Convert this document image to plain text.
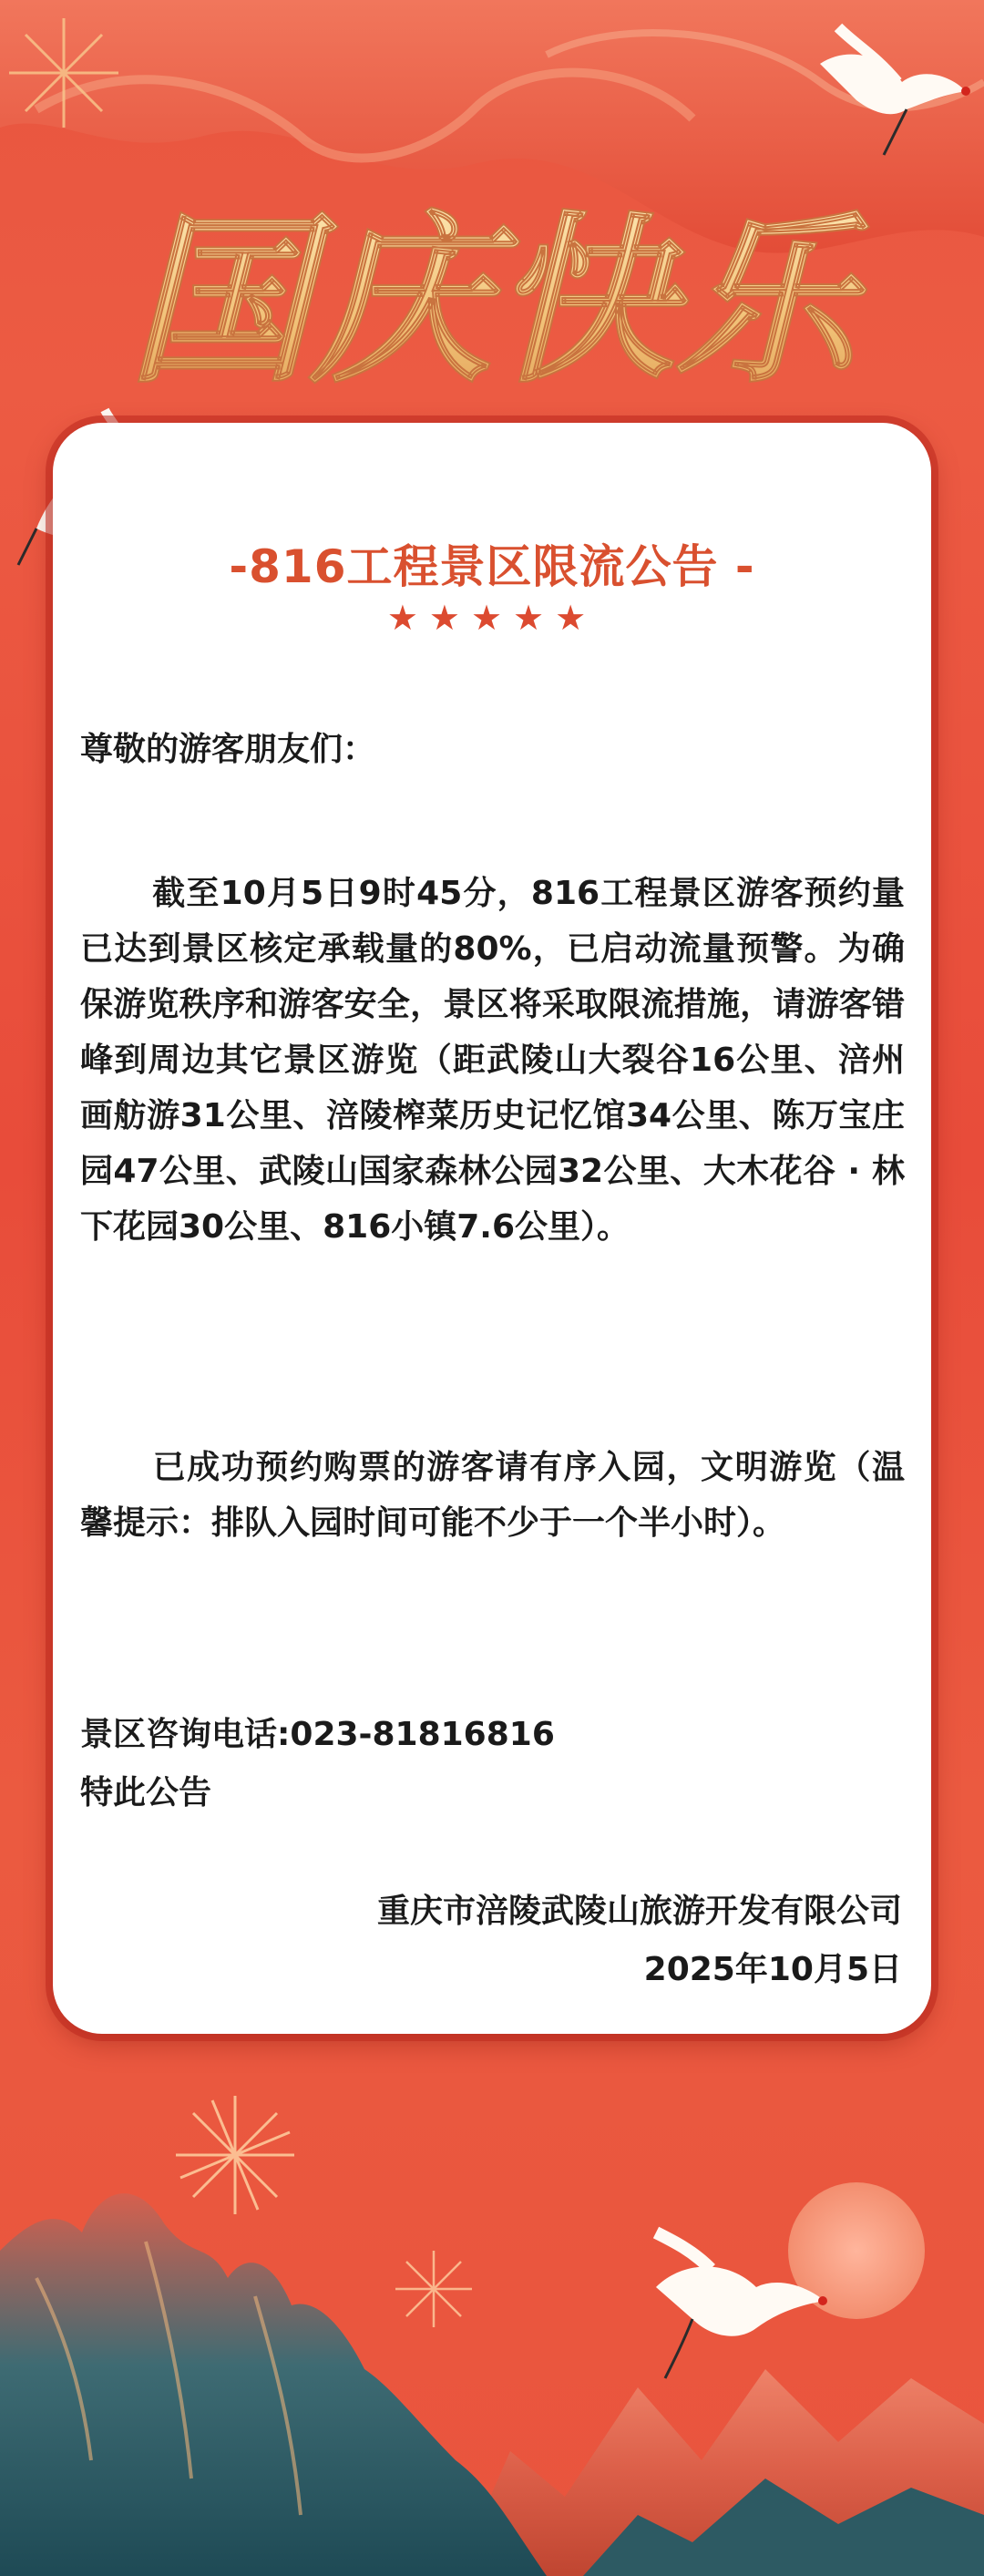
国庆快乐
-816工程景区限流公告 -
★★★★★
尊敬的游客朋友们：
截至10月5日9时45分，816工程景区游客预约量已达到景区核定承载量的80%，已启动流量预警。为确保游览秩序和游客安全，景区将采取限流措施，请游客错峰到周边其它景区游览（距武陵山大裂谷16公里、涪州画舫游31公里、涪陵榨菜历史记忆馆34公里、陈万宝庄园47公里、武陵山国家森林公园32公里、大木花谷 · 林下花园30公里、816小镇7.6公里）。
已成功预约购票的游客请有序入园，文明游览（温馨提示：排队入园时间可能不少于一个半小时）。
景区咨询电话:023-81816816
特此公告
重庆市涪陵武陵山旅游开发有限公司
2025年10月5日
